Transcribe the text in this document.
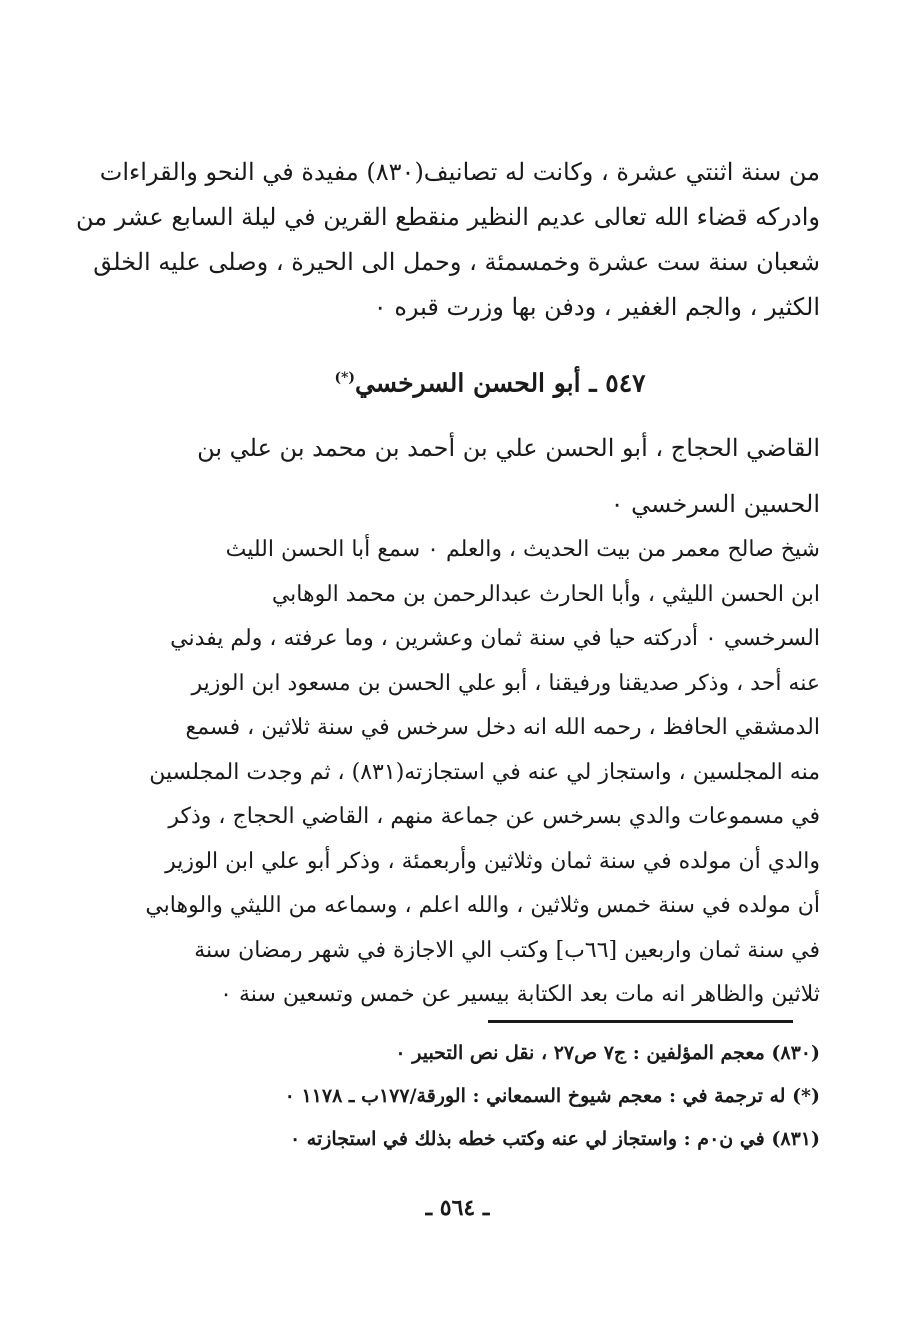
من سنة اثنتي عشرة ، وكانت له تصانيف(٨٣٠) مفيدة في النحو والقراءات
وادركه قضاء الله تعالى عديم النظير منقطع القرين في ليلة السابع عشر من
شعبان سنة ست عشرة وخمسمئة ، وحمل الى الحيرة ، وصلى عليه الخلق
الكثير ، والجم الغفير ، ودفن بها وزرت قبره ٠
٥٤٧ ـ أبو الحسن السرخسي(*)
القاضي الحجاج ، أبو الحسن علي بن أحمد بن محمد بن علي بن
الحسين السرخسي ٠
شيخ صالح معمر من بيت الحديث ، والعلم ٠ سمع أبا الحسن الليث
ابن الحسن الليثي ، وأبا الحارث عبدالرحمن بن محمد الوهابي
السرخسي ٠ أدركته حيا في سنة ثمان وعشرين ، وما عرفته ، ولم يفدني
عنه أحد ، وذكر صديقنا ورفيقنا ، أبو علي الحسن بن مسعود ابن الوزير
الدمشقي الحافظ ، رحمه الله انه دخل سرخس في سنة ثلاثين ، فسمع
منه المجلسين ، واستجاز لي عنه في استجازته(٨٣١) ، ثم وجدت المجلسين
في مسموعات والدي بسرخس عن جماعة منهم ، القاضي الحجاج ، وذكر
والدي أن مولده في سنة ثمان وثلاثين وأربعمئة ، وذكر أبو علي ابن الوزير
أن مولده في سنة خمس وثلاثين ، والله اعلم ، وسماعه من الليثي والوهابي
في سنة ثمان واربعين [٦٦ب] وكتب الي الاجازة في شهر رمضان سنة
ثلاثين والظاهر انه مات بعد الكتابة بيسير عن خمس وتسعين سنة ٠
(٨٣٠) معجم المؤلفين : ج٧ ص٢٧ ، نقل نص التحبير ٠
(*) له ترجمة في : معجم شيوخ السمعاني : الورقة/١٧٧ب ـ ١١٧٨ ٠
(٨٣١) في ن٠م : واستجاز لي عنه وكتب خطه بذلك في استجازته ٠
ـ ٥٦٤ ـ
